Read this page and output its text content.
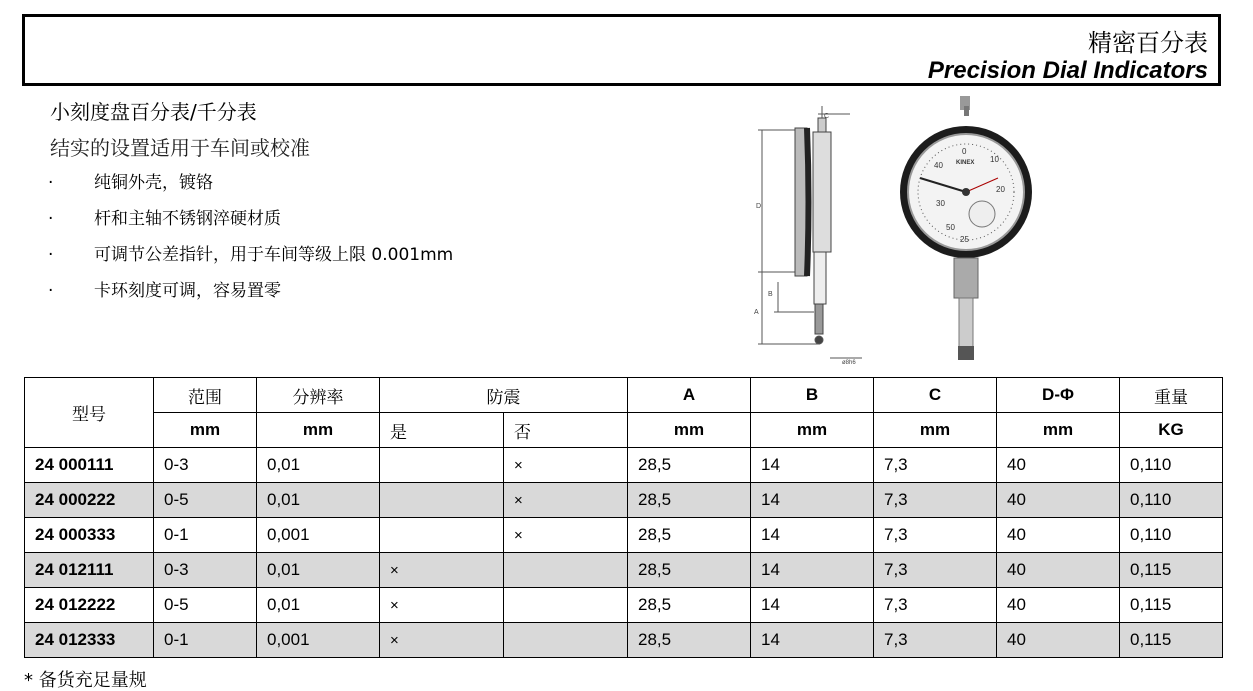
精密百分表
Precision Dial Indicators
小刻度盘百分表/千分表
结实的设置适用于车间或校准
·	纯铜外壳，镀铬
·	杆和主轴不锈钢淬硬材质
·	可调节公差指针，用于车间等级上限 0.001mm
·	卡环刻度可调，容易置零
C
D
B
A
ø8h6
KINEX
0
10
20
30
40
50
25
型号	范围	分辨率	防震		A	B	C	D-Φ	重量
	mm	mm	是	否	mm	mm	mm	mm	KG
24 000111	0-3	0,01		×	28,5	14	7,3	40	0,110
24 000222	0-5	0,01		×	28,5	14	7,3	40	0,110
24 000333	0-1	0,001		×	28,5	14	7,3	40	0,110
24 012111	0-3	0,01	×		28,5	14	7,3	40	0,115
24 012222	0-5	0,01	×		28,5	14	7,3	40	0,115
24 012333	0-1	0,001	×		28,5	14	7,3	40	0,115
* 备货充足量规
